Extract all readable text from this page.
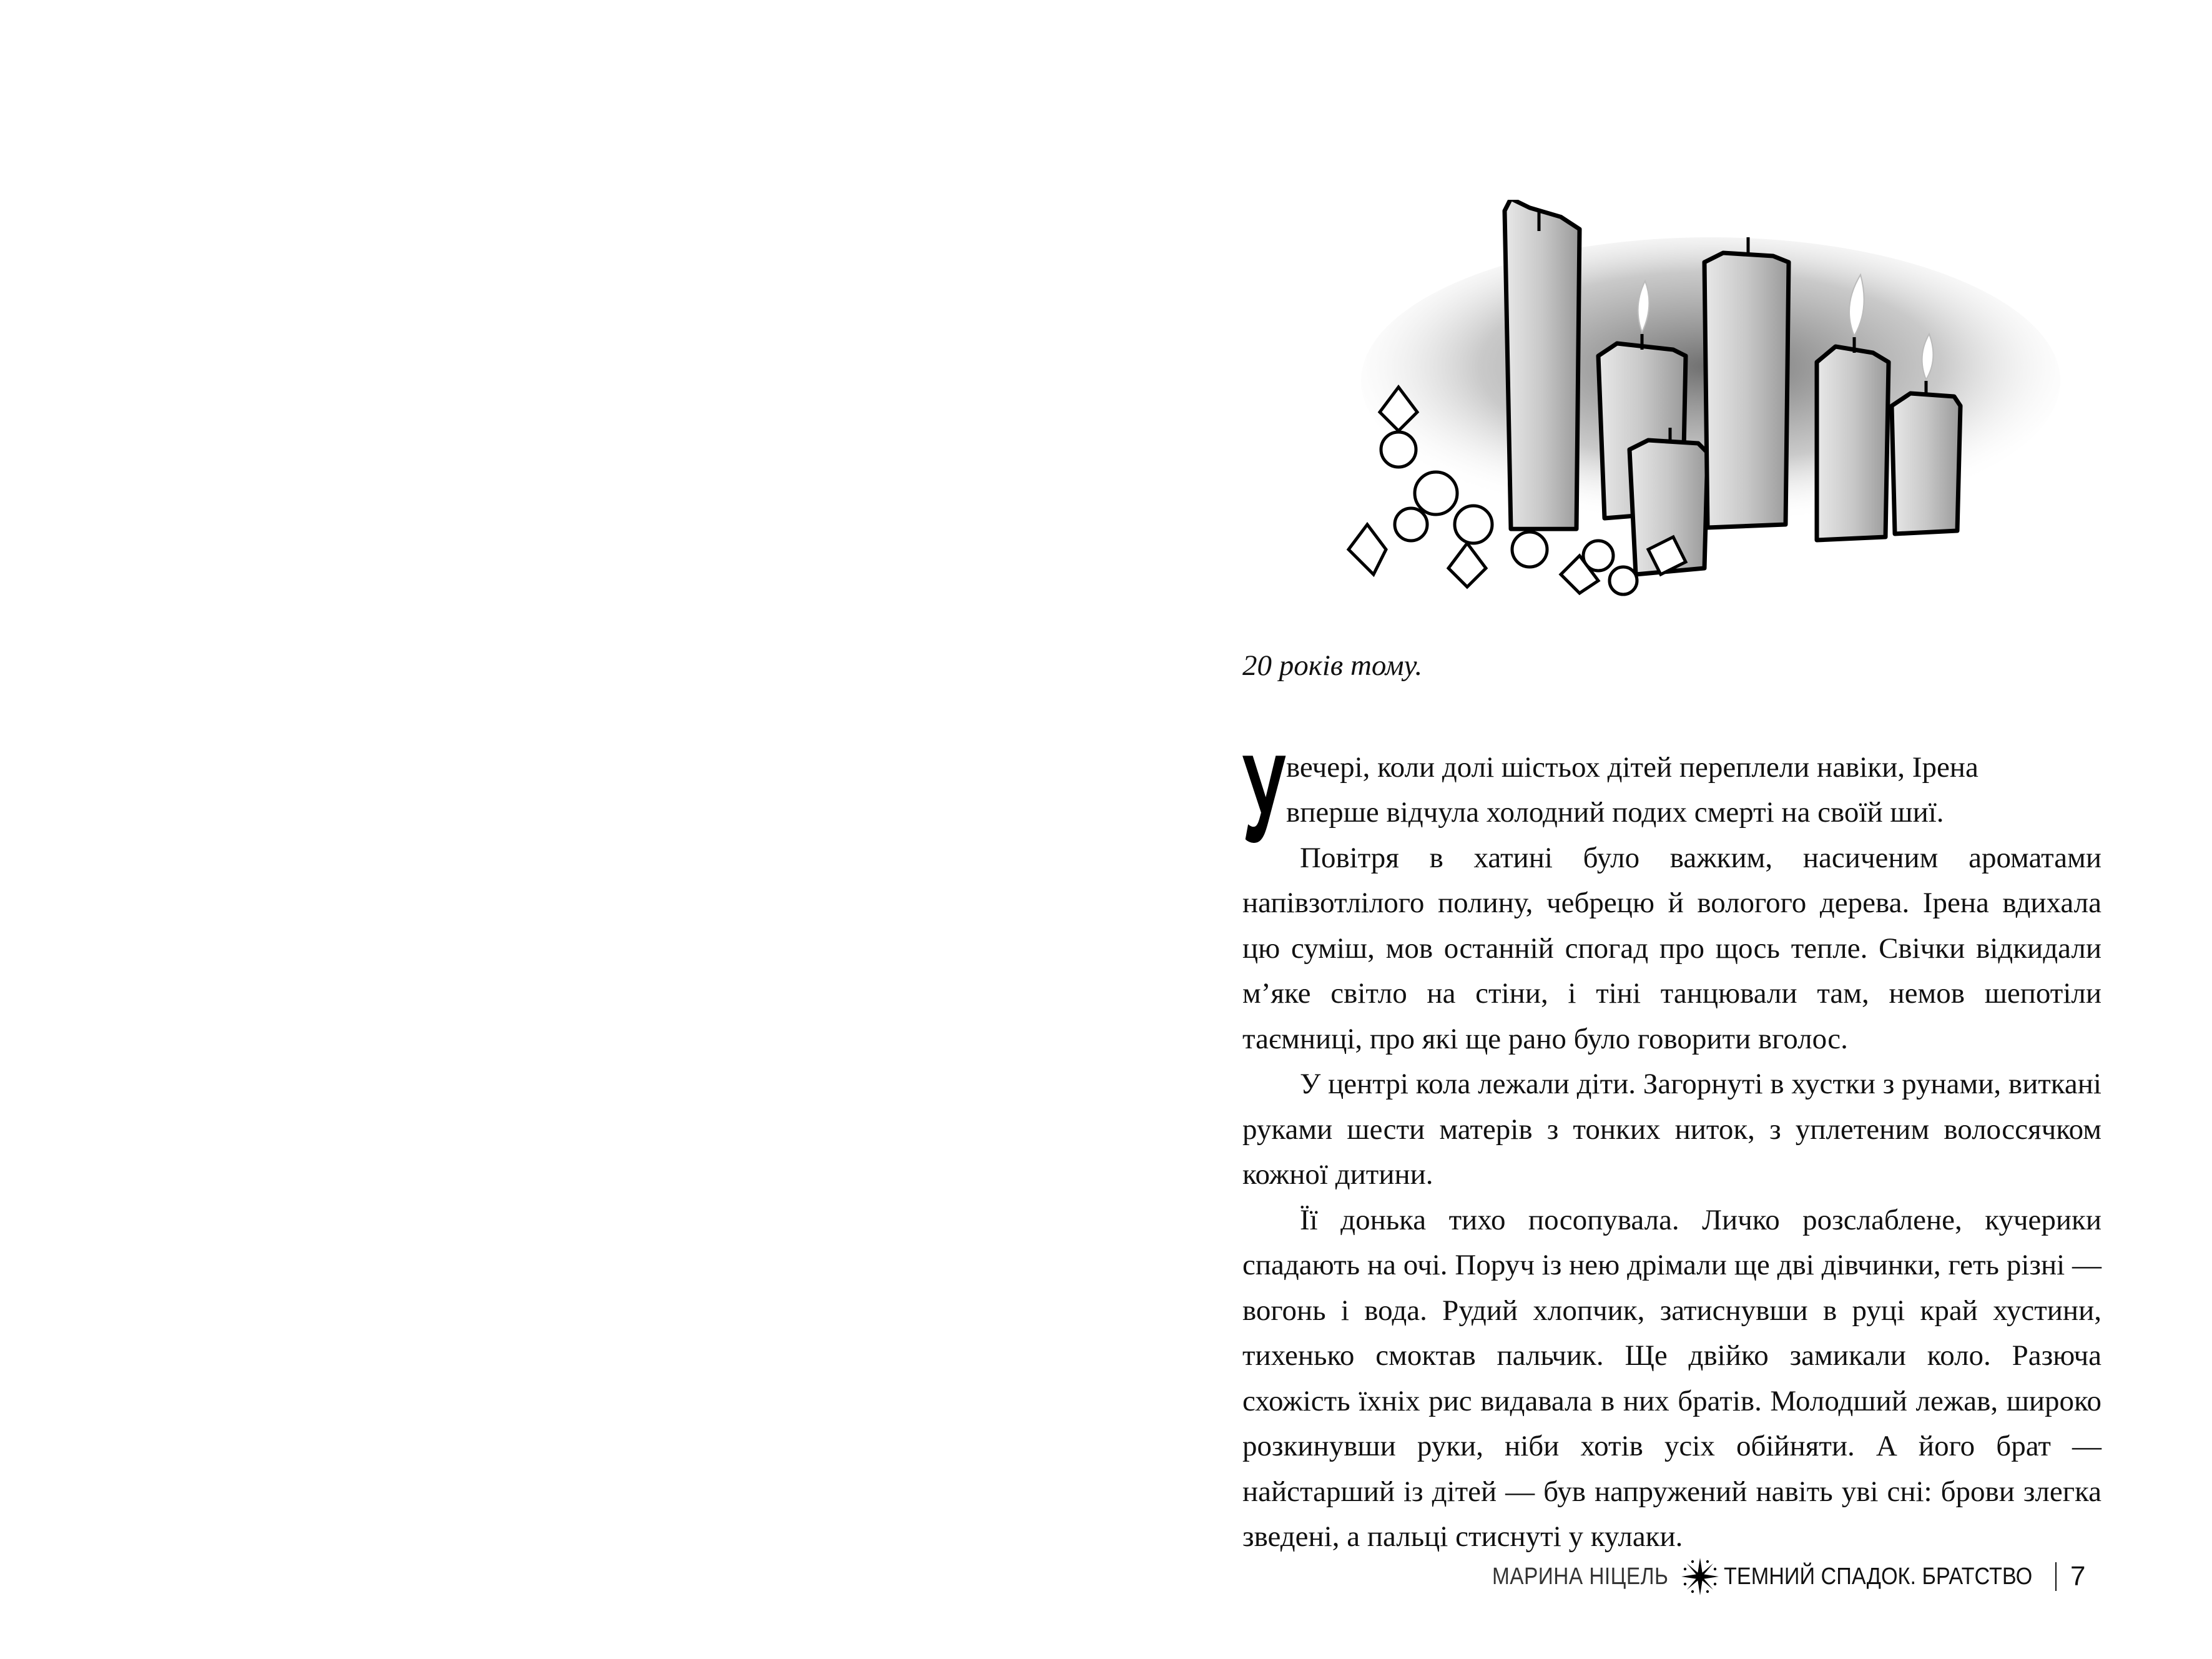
20 років тому.

У вечері, коли долі шістьох дітей переплели навіки, Ірена
вперше відчула холодний подих смерті на своїй шиї.

Повітря в хатині було важким, насиченим ароматами напівзотлілого полину, чебрецю й вологого дерева. Ірена вдихала цю суміш, мов останній спогад про щось тепле. Свічки відкидали м’яке світло на стіни, і тіні танцювали там, немов шепотіли таємниці, про які ще рано було говорити вголос.

У центрі кола лежали діти. Загорнуті в хустки з рунами, виткані руками шести матерів з тонких ниток, з уплетеним волоссячком кожної дитини.

Її донька тихо посопувала. Личко розслаблене, кучерики спадають на очі. Поруч із нею дрімали ще дві дівчинки, геть різні — вогонь і вода. Рудий хлопчик, затиснувши в руці край хустини, тихенько смоктав пальчик. Ще двійко замикали коло. Разюча схожість їхніх рис видавала в них братів. Молодший лежав, широко розкинувши руки, ніби хотів усіх обійняти. А його брат — найстарший із дітей — був напружений навіть уві сні: брови злегка зведені, а пальці стиснуті у кулаки.

МАРИНА НІЦЕЛЬ ТЕМНИЙ СПАДОК. БРАТСТВО 7
